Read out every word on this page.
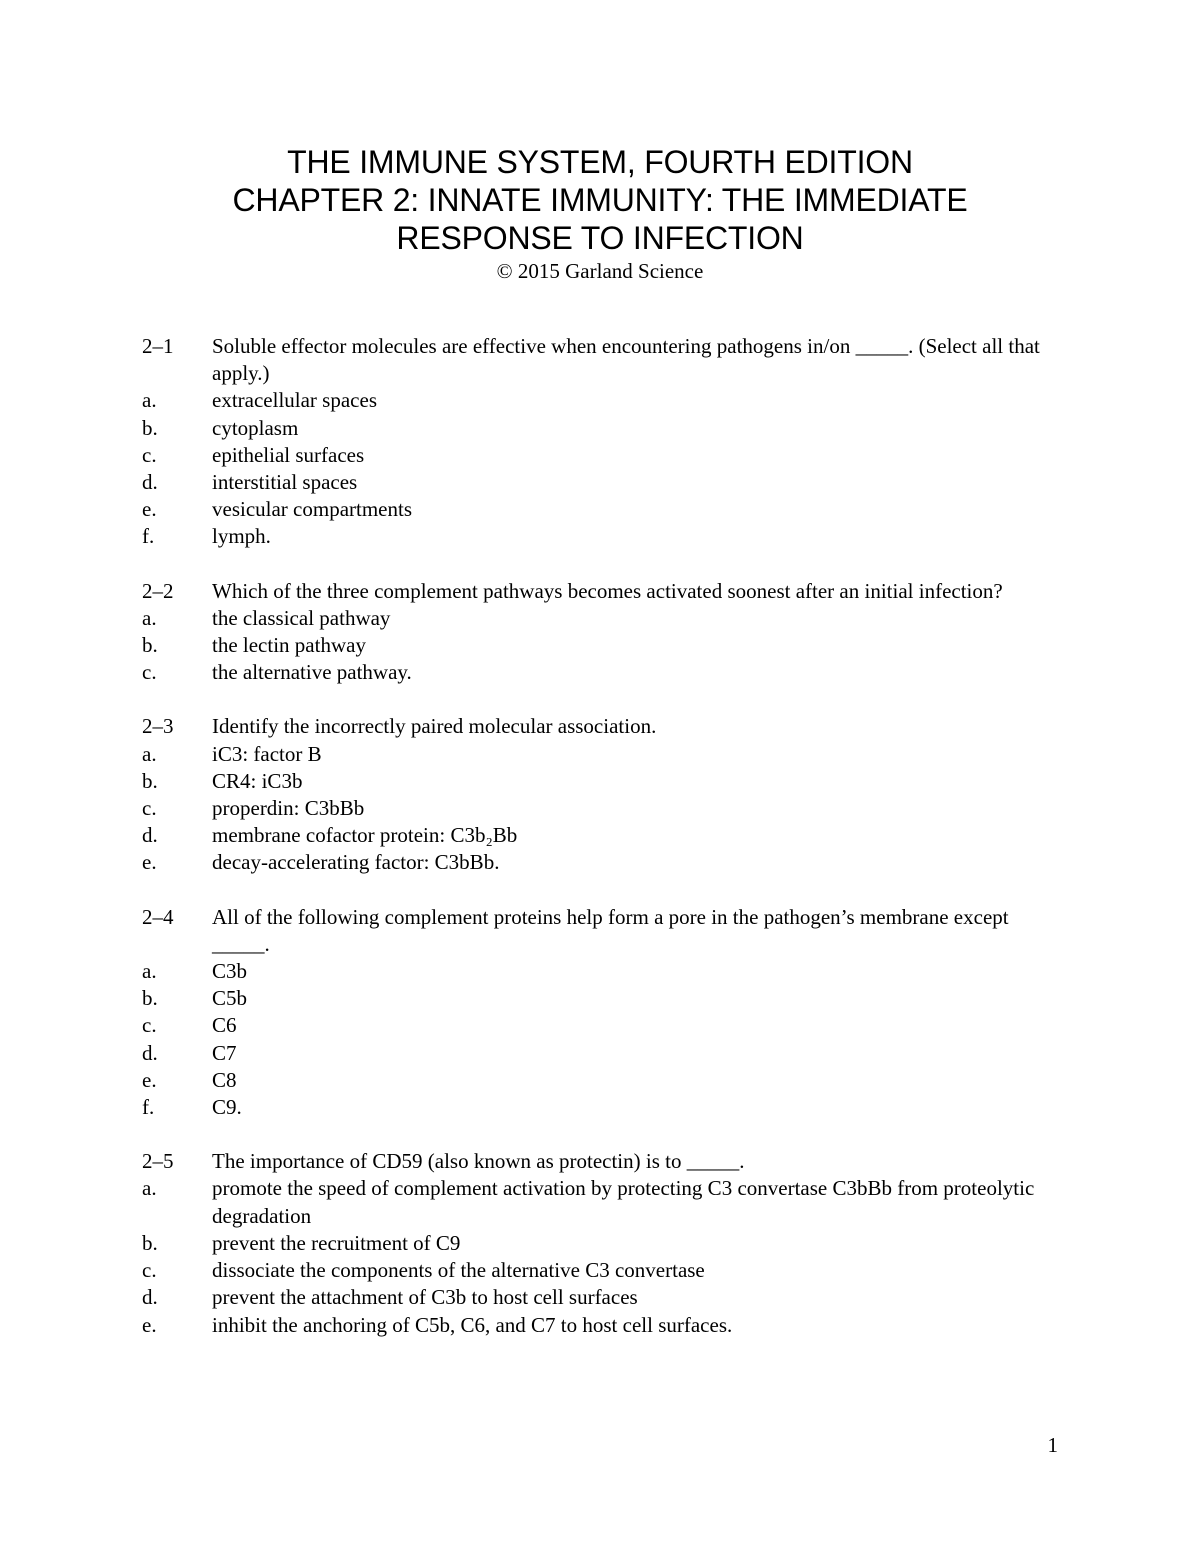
THE IMMUNE SYSTEM, FOURTH EDITION
CHAPTER 2: INNATE IMMUNITY: THE IMMEDIATE
RESPONSE TO INFECTION
© 2015 Garland Science
2–1 Soluble effector molecules are effective when encountering pathogens in/on _____. (Select all that apply.)
a.	extracellular spaces
b.	cytoplasm
c.	epithelial surfaces
d.	interstitial spaces
e.	vesicular compartments
f.	lymph.
2–2 Which of the three complement pathways becomes activated soonest after an initial infection?
a.	the classical pathway
b.	the lectin pathway
c.	the alternative pathway.
2–3 Identify the incorrectly paired molecular association.
a.	iC3: factor B
b.	CR4: iC3b
c.	properdin: C3bBb
d.	membrane cofactor protein: C3b₂Bb
e.	decay-accelerating factor: C3bBb.
2–4 All of the following complement proteins help form a pore in the pathogen’s membrane except _____.
a.	C3b
b.	C5b
c.	C6
d.	C7
e.	C8
f.	C9.
2–5 The importance of CD59 (also known as protectin) is to _____.
a.	promote the speed of complement activation by protecting C3 convertase C3bBb from proteolytic degradation
b.	prevent the recruitment of C9
c.	dissociate the components of the alternative C3 convertase
d.	prevent the attachment of C3b to host cell surfaces
e.	inhibit the anchoring of C5b, C6, and C7 to host cell surfaces.
1
